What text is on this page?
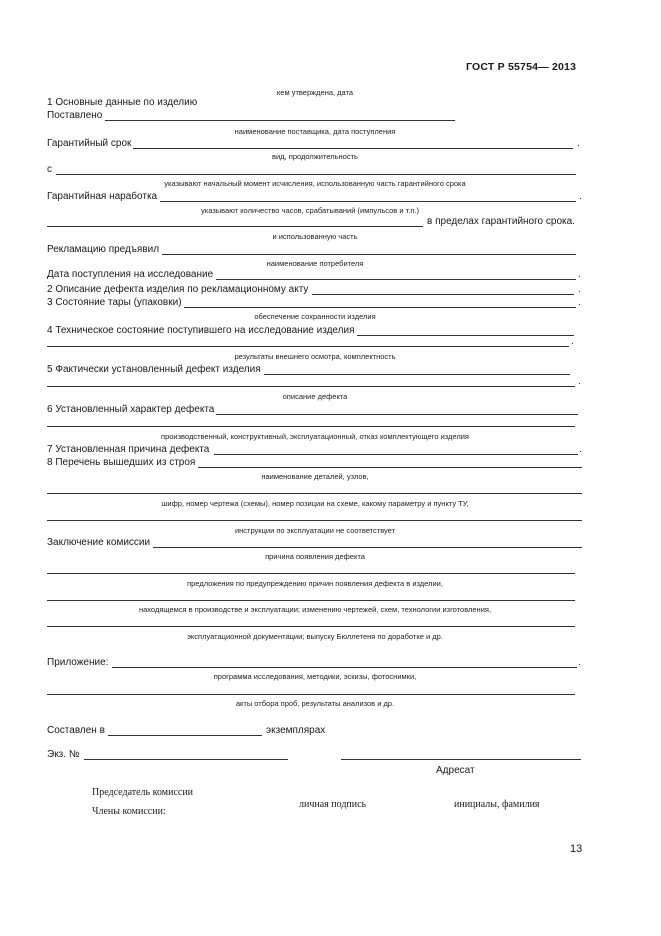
ГОСТ Р 55754— 2013
кем утверждена, дата
1 Основные данные по изделию
Поставлено
наименование поставщика, дата поступления
Гарантийный срок	.
вид, продолжительность
с
указывают начальный момент исчисления, использованную часть гарантийного срока
Гарантийная наработка	.
указывают количество часов, срабатываний (импульсов и т.п.)
в пределах гарантийного срока.
и использованную часть
Рекламацию предъявил
наименование потребителя
Дата поступления на исследование	.
2 Описание дефекта изделия по рекламационному акту	.
3 Состояние тары (упаковки)	.
обеспечение сохранности изделия
4 Техническое состояние поступившего на исследование изделия
.
результаты внешнего осмотра, комплектность
5 Фактически установленный дефект изделия
.
описание дефекта
6 Установленный характер дефекта
производственный, конструктивный, эксплуатационный, отказ комплектующего изделия
7 Установленная причина дефекта	.
8 Перечень вышедших из строя
наименование деталей, узлов,
шифр, номер чертежа (схемы), номер позиции на схеме, какому параметру и пункту ТУ,
инструкции по эксплуатации не соответствует
Заключение комиссии
причина появления дефекта
предложения по предупреждению причин появления дефекта в изделии,
находящемся в производстве и эксплуатации; изменению чертежей, схем, технологии изготовления,
эксплуатационной документации; выпуску Бюллетеня по доработке и др.
Приложение:	.
программа исследования, методики, эскизы, фотоснимки,
акты отбора проб, результаты анализов и др.
Составлен в	экземплярах
Экз. №
Адресат
Председатель комиссии
личная подпись	инициалы, фамилия
Члены комиссии:
13
